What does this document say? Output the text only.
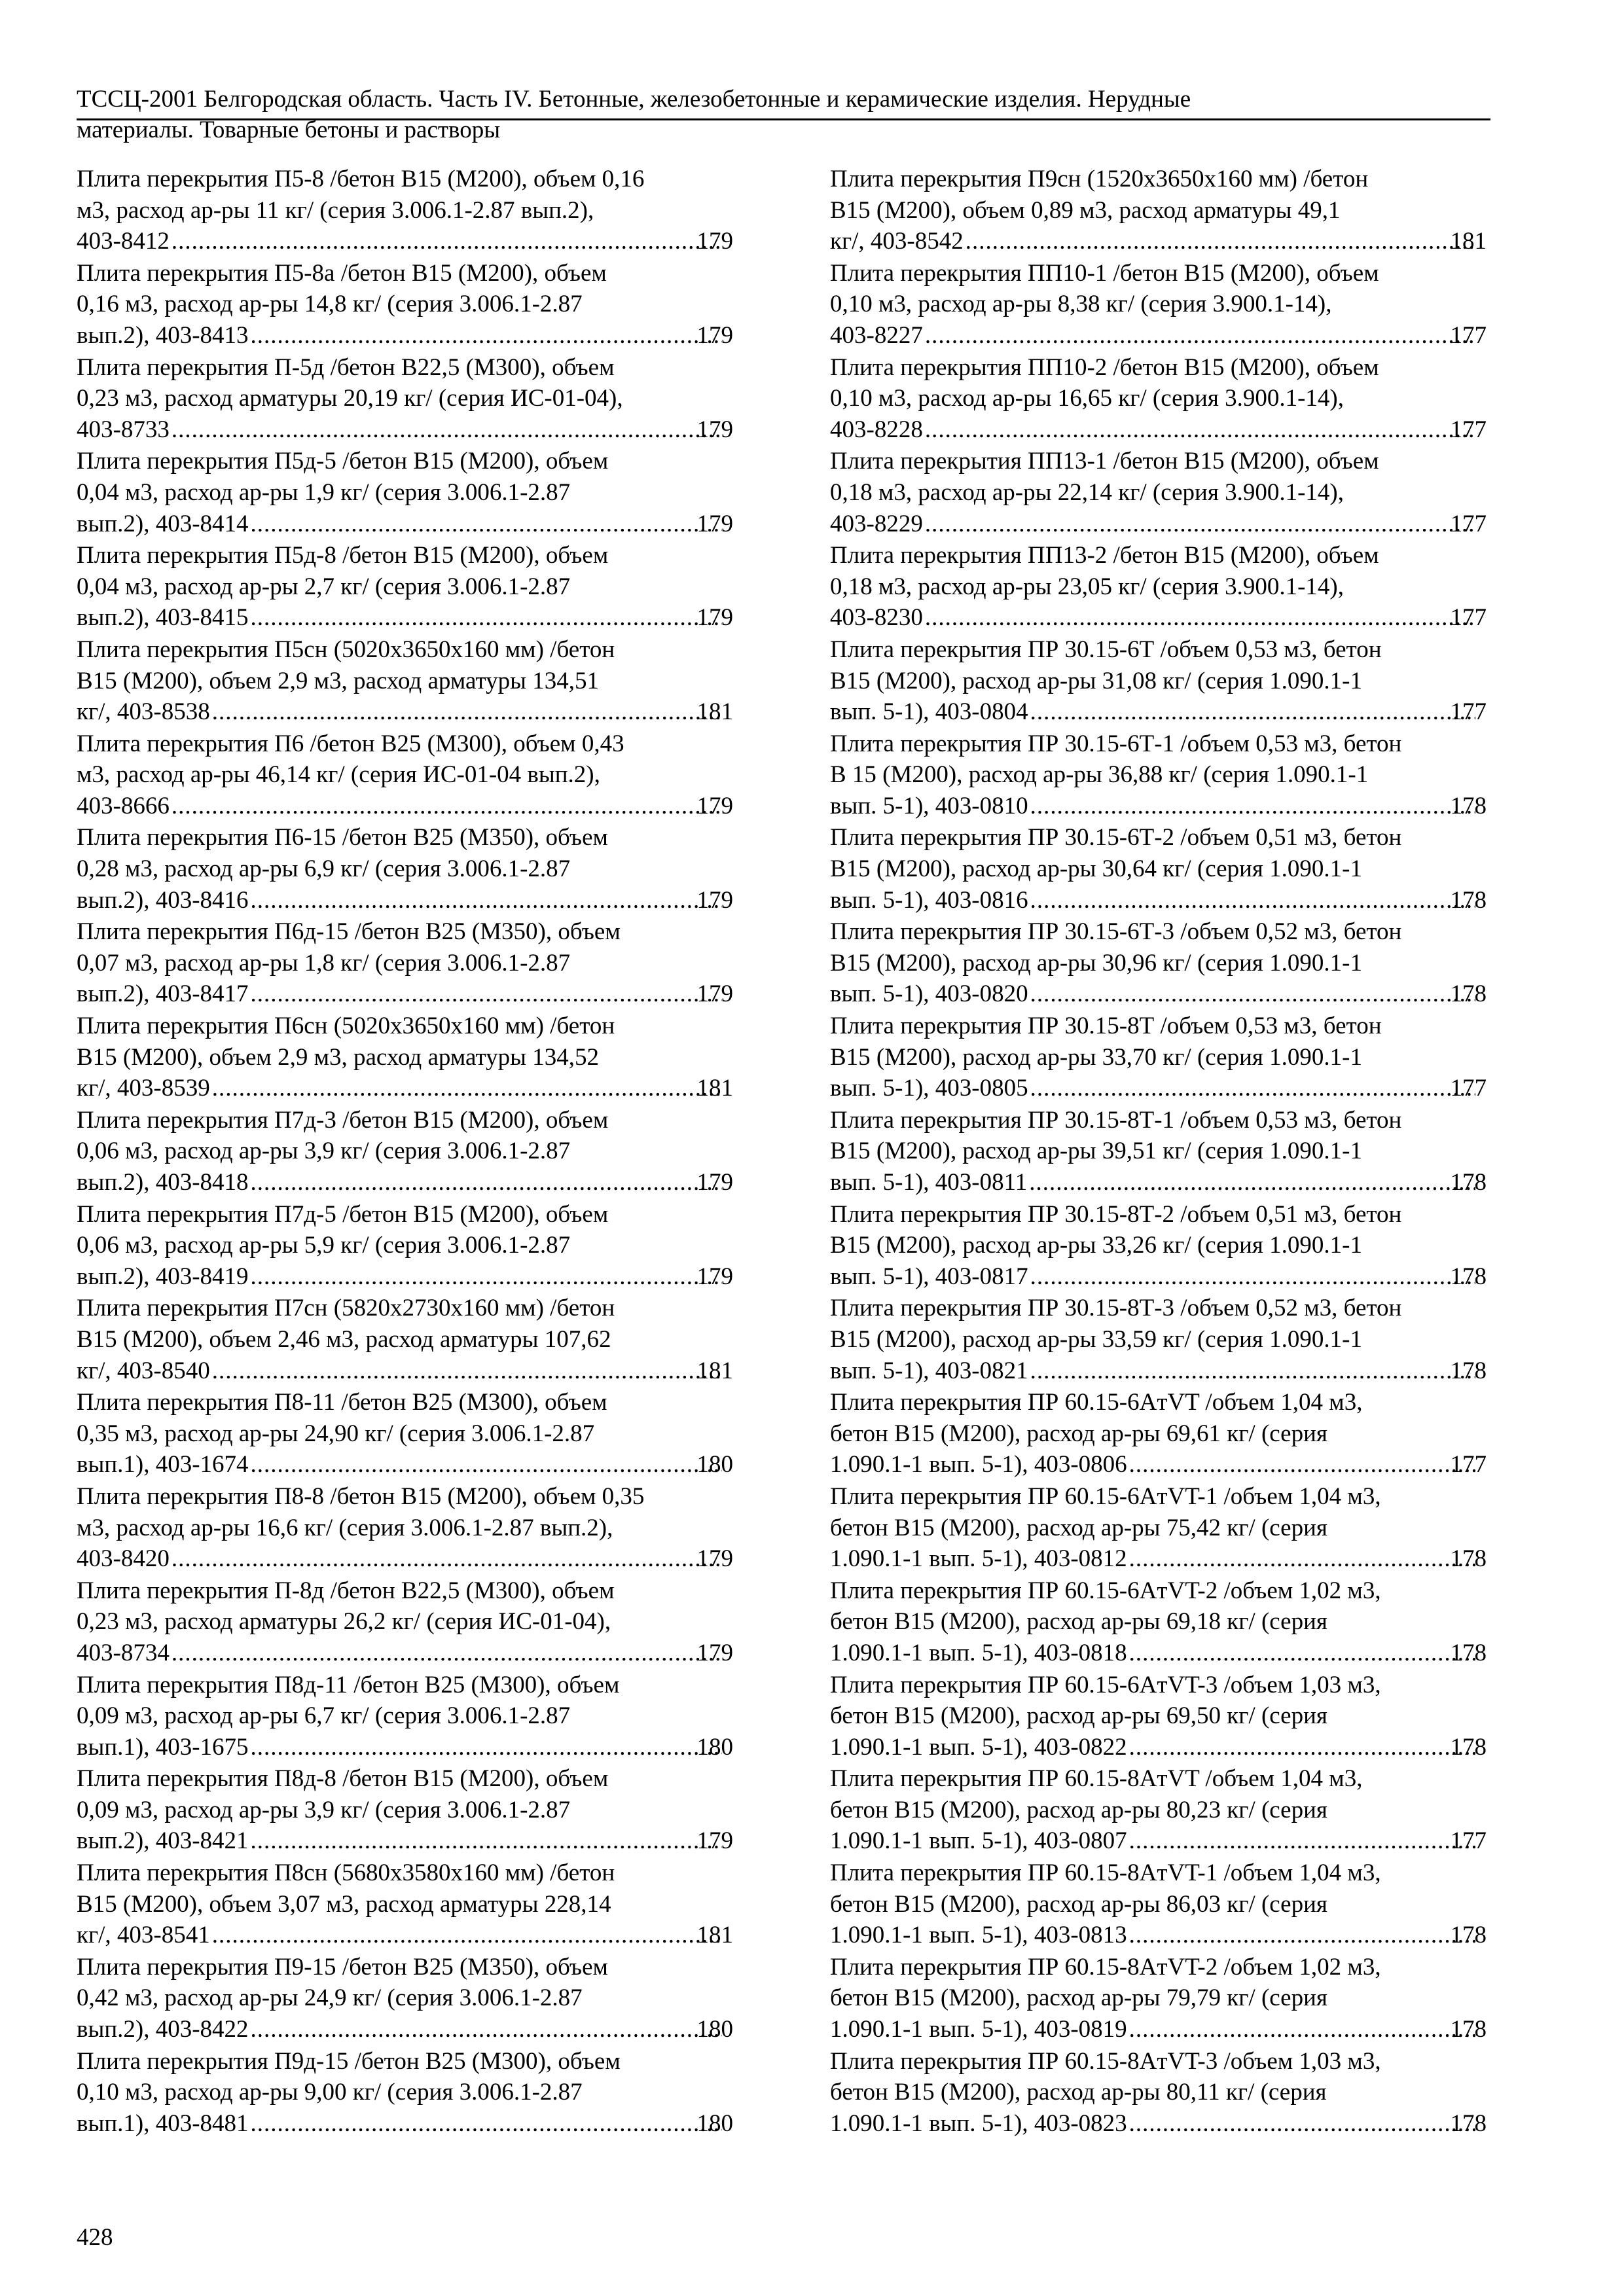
ТССЦ-2001 Белгородская область. Часть IV. Бетонные, железобетонные и керамические изделия. Нерудные
материалы. Товарные бетоны и растворы
Плита перекрытия П5-8 /бетон В15 (М200), объем 0,16
м3, расход ар-ры 11 кг/ (серия 3.006.1-2.87 вып.2),
403-8412 .....	179
Плита перекрытия П5-8а /бетон В15 (М200), объем
0,16 м3, расход ар-ры 14,8 кг/ (серия 3.006.1-2.87
вып.2), 403-8413 .....	179
Плита перекрытия П-5д /бетон В22,5 (М300), объем
0,23 м3, расход арматуры 20,19 кг/ (серия ИС-01-04),
403-8733 .....	179
Плита перекрытия П5д-5 /бетон В15 (М200), объем
0,04 м3, расход ар-ры 1,9 кг/ (серия 3.006.1-2.87
вып.2), 403-8414 .....	179
Плита перекрытия П5д-8 /бетон В15 (М200), объем
0,04 м3, расход ар-ры 2,7 кг/ (серия 3.006.1-2.87
вып.2), 403-8415 .....	179
Плита перекрытия П5сн (5020x3650x160 мм) /бетон
В15 (М200), объем 2,9 м3, расход арматуры 134,51
кг/, 403-8538 .....	181
Плита перекрытия П6 /бетон В25 (М300), объем 0,43
м3, расход ар-ры 46,14 кг/ (серия ИС-01-04 вып.2),
403-8666 .....	179
Плита перекрытия П6-15 /бетон В25 (М350), объем
0,28 м3, расход ар-ры 6,9 кг/ (серия 3.006.1-2.87
вып.2), 403-8416 .....	179
Плита перекрытия П6д-15 /бетон В25 (М350), объем
0,07 м3, расход ар-ры 1,8 кг/ (серия 3.006.1-2.87
вып.2), 403-8417 .....	179
Плита перекрытия П6сн (5020x3650x160 мм) /бетон
В15 (М200), объем 2,9 м3, расход арматуры 134,52
кг/, 403-8539 .....	181
Плита перекрытия П7д-3 /бетон В15 (М200), объем
0,06 м3, расход ар-ры 3,9 кг/ (серия 3.006.1-2.87
вып.2), 403-8418 .....	179
Плита перекрытия П7д-5 /бетон В15 (М200), объем
0,06 м3, расход ар-ры 5,9 кг/ (серия 3.006.1-2.87
вып.2), 403-8419 .....	179
Плита перекрытия П7сн (5820x2730x160 мм) /бетон
В15 (М200), объем 2,46 м3, расход арматуры 107,62
кг/, 403-8540 .....	181
Плита перекрытия П8-11 /бетон В25 (М300), объем
0,35 м3, расход ар-ры 24,90 кг/ (серия 3.006.1-2.87
вып.1), 403-1674 .....	180
Плита перекрытия П8-8 /бетон В15 (М200), объем 0,35
м3, расход ар-ры 16,6 кг/ (серия 3.006.1-2.87 вып.2),
403-8420 .....	179
Плита перекрытия П-8д /бетон В22,5 (М300), объем
0,23 м3, расход арматуры 26,2 кг/ (серия ИС-01-04),
403-8734 .....	179
Плита перекрытия П8д-11 /бетон В25 (М300), объем
0,09 м3, расход ар-ры 6,7 кг/ (серия 3.006.1-2.87
вып.1), 403-1675 .....	180
Плита перекрытия П8д-8 /бетон В15 (М200), объем
0,09 м3, расход ар-ры 3,9 кг/ (серия 3.006.1-2.87
вып.2), 403-8421 .....	179
Плита перекрытия П8сн (5680x3580x160 мм) /бетон
В15 (М200), объем 3,07 м3, расход арматуры 228,14
кг/, 403-8541 .....	181
Плита перекрытия П9-15 /бетон В25 (М350), объем
0,42 м3, расход ар-ры 24,9 кг/ (серия 3.006.1-2.87
вып.2), 403-8422 .....	180
Плита перекрытия П9д-15 /бетон В25 (М300), объем
0,10 м3, расход ар-ры 9,00 кг/ (серия 3.006.1-2.87
вып.1), 403-8481 .....	180
Плита перекрытия П9сн (1520x3650x160 мм) /бетон
В15 (М200), объем 0,89 м3, расход арматуры 49,1
кг/, 403-8542 .....	181
Плита перекрытия ПП10-1 /бетон В15 (М200), объем
0,10 м3, расход ар-ры 8,38 кг/ (серия 3.900.1-14),
403-8227 .....	177
Плита перекрытия ПП10-2 /бетон В15 (М200), объем
0,10 м3, расход ар-ры 16,65 кг/ (серия 3.900.1-14),
403-8228 .....	177
Плита перекрытия ПП13-1 /бетон В15 (М200), объем
0,18 м3, расход ар-ры 22,14 кг/ (серия 3.900.1-14),
403-8229 .....	177
Плита перекрытия ПП13-2 /бетон В15 (М200), объем
0,18 м3, расход ар-ры 23,05 кг/ (серия 3.900.1-14),
403-8230 .....	177
Плита перекрытия ПР 30.15-6Т /объем 0,53 м3, бетон
В15 (М200), расход ар-ры 31,08 кг/ (серия 1.090.1-1
вып. 5-1), 403-0804 .....	177
Плита перекрытия ПР 30.15-6Т-1 /объем 0,53 м3, бетон
В 15 (М200), расход ар-ры 36,88 кг/ (серия 1.090.1-1
вып. 5-1), 403-0810 .....	178
Плита перекрытия ПР 30.15-6Т-2 /объем 0,51 м3, бетон
В15 (М200), расход ар-ры 30,64 кг/ (серия 1.090.1-1
вып. 5-1), 403-0816 .....	178
Плита перекрытия ПР 30.15-6Т-3 /объем 0,52 м3, бетон
В15 (М200), расход ар-ры 30,96 кг/ (серия 1.090.1-1
вып. 5-1), 403-0820 .....	178
Плита перекрытия ПР 30.15-8Т /объем 0,53 м3, бетон
В15 (М200), расход ар-ры 33,70 кг/ (серия 1.090.1-1
вып. 5-1), 403-0805 .....	177
Плита перекрытия ПР 30.15-8Т-1 /объем 0,53 м3, бетон
В15 (М200), расход ар-ры 39,51 кг/ (серия 1.090.1-1
вып. 5-1), 403-0811 .....	178
Плита перекрытия ПР 30.15-8Т-2 /объем 0,51 м3, бетон
В15 (М200), расход ар-ры 33,26 кг/ (серия 1.090.1-1
вып. 5-1), 403-0817 .....	178
Плита перекрытия ПР 30.15-8Т-3 /объем 0,52 м3, бетон
В15 (М200), расход ар-ры 33,59 кг/ (серия 1.090.1-1
вып. 5-1), 403-0821 .....	178
Плита перекрытия ПР 60.15-6AтVT /объем 1,04 м3,
бетон В15 (М200), расход ар-ры 69,61 кг/ (серия
1.090.1-1 вып. 5-1), 403-0806 .....	177
Плита перекрытия ПР 60.15-6AтVT-1 /объем 1,04 м3,
бетон В15 (М200), расход ар-ры 75,42 кг/ (серия
1.090.1-1 вып. 5-1), 403-0812 .....	178
Плита перекрытия ПР 60.15-6AтVT-2 /объем 1,02 м3,
бетон В15 (М200), расход ар-ры 69,18 кг/ (серия
1.090.1-1 вып. 5-1), 403-0818 .....	178
Плита перекрытия ПР 60.15-6AтVT-3 /объем 1,03 м3,
бетон В15 (М200), расход ар-ры 69,50 кг/ (серия
1.090.1-1 вып. 5-1), 403-0822 .....	178
Плита перекрытия ПР 60.15-8AтVT /объем 1,04 м3,
бетон В15 (М200), расход ар-ры 80,23 кг/ (серия
1.090.1-1 вып. 5-1), 403-0807 .....	177
Плита перекрытия ПР 60.15-8AтVT-1 /объем 1,04 м3,
бетон В15 (М200), расход ар-ры 86,03 кг/ (серия
1.090.1-1 вып. 5-1), 403-0813 .....	178
Плита перекрытия ПР 60.15-8AтVT-2 /объем 1,02 м3,
бетон В15 (М200), расход ар-ры 79,79 кг/ (серия
1.090.1-1 вып. 5-1), 403-0819 .....	178
Плита перекрытия ПР 60.15-8AтVT-3 /объем 1,03 м3,
бетон В15 (М200), расход ар-ры 80,11 кг/ (серия
1.090.1-1 вып. 5-1), 403-0823 .....	178
428
